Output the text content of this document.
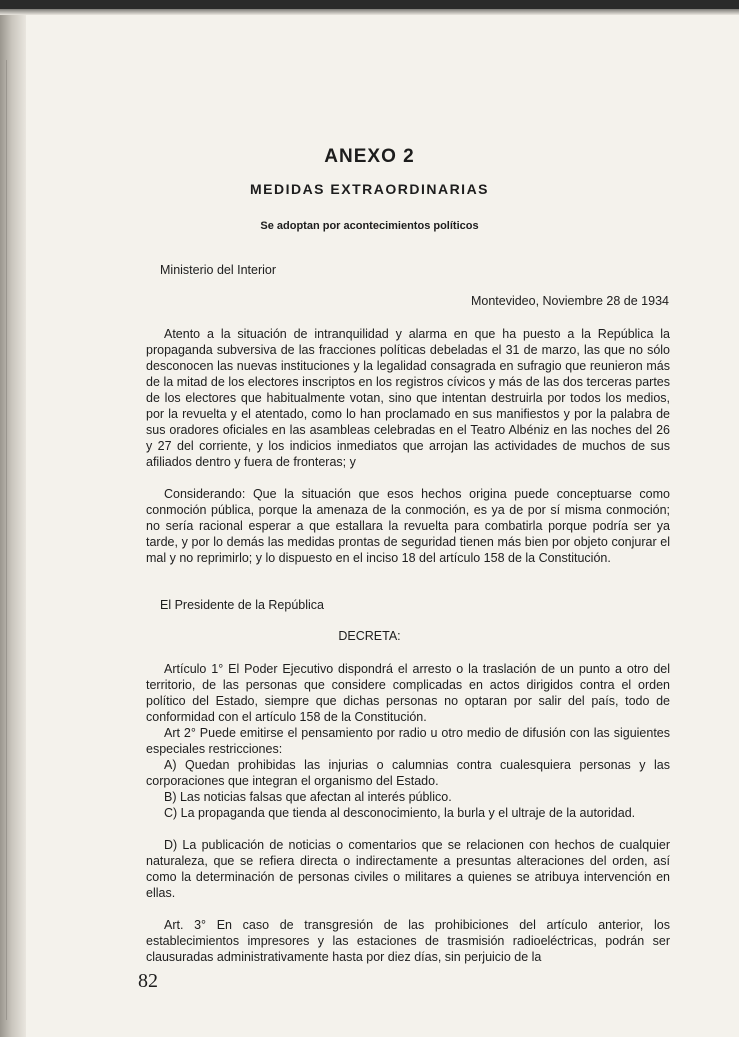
ANEXO 2
MEDIDAS EXTRAORDINARIAS

Se adoptan por acontecimientos políticos

Ministerio del Interior
Montevideo, Noviembre 28 de 1934

Atento a la situación de intranquilidad y alarma en que ha puesto a la República la propaganda subversiva de las fracciones políticas debeladas el 31 de marzo, las que no sólo desconocen las nuevas instituciones y la legalidad consagrada en sufragio que reunieron más de la mitad de los electores inscriptos en los registros cívicos y más de las dos terceras partes de los electores que habitualmente votan, sino que intentan destruirla por todos los medios, por la revuelta y el atentado, como lo han proclamado en sus manifiestos y por la palabra de sus oradores oficiales en las asambleas celebradas en el Teatro Albéniz en las noches del 26 y 27 del corriente, y los indicios inmediatos que arrojan las actividades de muchos de sus afiliados dentro y fuera de fronteras; y

Considerando: Que la situación que esos hechos origina puede conceptuarse como conmoción pública, porque la amenaza de la conmoción, es ya de por sí misma conmoción; no sería racional esperar a que estallara la revuelta para combatirla porque podría ser ya tarde, y por lo demás las medidas prontas de seguridad tienen más bien por objeto conjurar el mal y no reprimirlo; y lo dispuesto en el inciso 18 del artículo 158 de la Constitución.

El Presidente de la República
DECRETA:

Artículo 1° El Poder Ejecutivo dispondrá el arresto o la traslación de un punto a otro del territorio, de las personas que considere complicadas en actos dirigidos contra el orden político del Estado, siempre que dichas personas no optaran por salir del país, todo de conformidad con el artículo 158 de la Constitución.

Art 2° Puede emitirse el pensamiento por radio u otro medio de difusión con las siguientes especiales restricciones:

A) Quedan prohibidas las injurias o calumnias contra cualesquiera personas y las corporaciones que integran el organismo del Estado.

B) Las noticias falsas que afectan al interés público.

C) La propaganda que tienda al desconocimiento, la burla y el ultraje de la autoridad.

D) La publicación de noticias o comentarios que se relacionen con hechos de cualquier naturaleza, que se refiera directa o indirectamente a presuntas alteraciones del orden, así como la determinación de personas civiles o militares a quienes se atribuya intervención en ellas.

Art. 3° En caso de transgresión de las prohibiciones del artículo anterior, los establecimientos impresores y las estaciones de trasmisión radioeléctricas, podrán ser clausuradas administrativamente hasta por diez días, sin perjuicio de la

82
